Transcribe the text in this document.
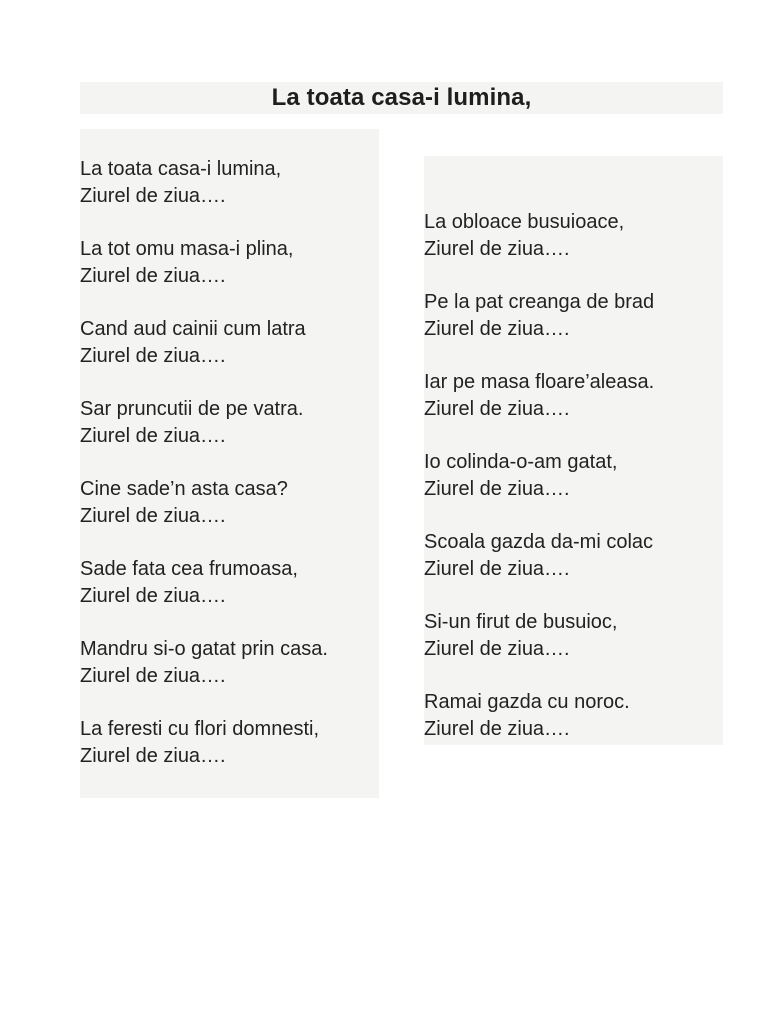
La toata casa-i lumina,
La toata casa-i lumina,
Ziurel de ziua….
La tot omu masa-i plina,
Ziurel de ziua….
Cand aud cainii cum latra
Ziurel de ziua….
Sar pruncutii de pe vatra.
Ziurel de ziua….
Cine sade’n asta casa?
Ziurel de ziua….
Sade fata cea frumoasa,
Ziurel de ziua….
Mandru si-o gatat prin casa.
Ziurel de ziua….
La feresti cu flori domnesti,
Ziurel de ziua….
La obloace busuioace,
Ziurel de ziua….
Pe la pat creanga de brad
Ziurel de ziua….
Iar pe masa floare’aleasa.
Ziurel de ziua….
Io colinda-o-am gatat,
Ziurel de ziua….
Scoala gazda da-mi colac
Ziurel de ziua….
Si-un firut de busuioc,
Ziurel de ziua….
Ramai gazda cu noroc.
Ziurel de ziua….
